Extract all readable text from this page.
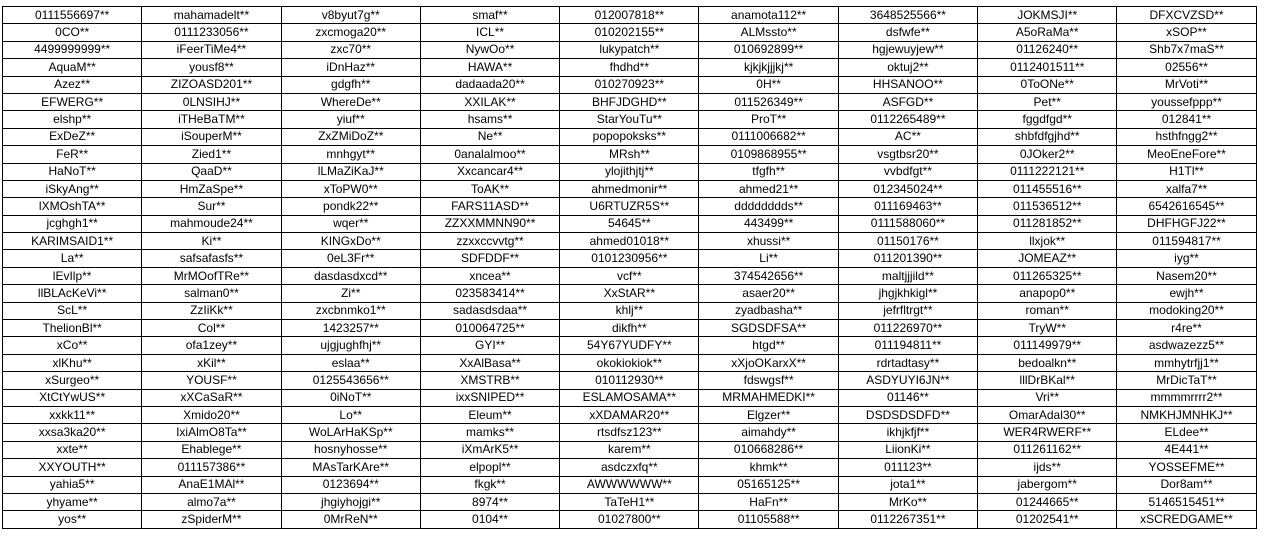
0111556697**	mahamadelt**	v8byut7g**	smaf**	012007818**	anamota112**	3648525566**	JOKMSJI**	DFXCVZSD**
0CO**	0111233056**	zxcmoga20**	ICL**	010202155**	ALMssto**	dsfwfe**	A5oRaMa**	xSOP**
4499999999**	iFeerTiMe4**	zxc70**	NywOo**	lukypatch**	010692899**	hgjewuyjew**	01126240**	Shb7x7maS**
AquaM**	yousf8**	iDnHaz**	HAWA**	fhdhd**	kjkjkjjjkj**	oktuj2**	0112401511**	02556**
Azez**	ZIZOASD201**	gdgfh**	dadaada20**	010270923**	0H**	HHSANOO**	0ToONe**	MrVoti**
EFWERG**	0LNSIHJ**	WhereDe**	XXILAK**	BHFJDGHD**	011526349**	ASFGD**	Pet**	youssefppp**
elshp**	iTHeBaTM**	yiuf**	hsams**	StarYouTu**	ProT**	0112265489**	fggdfgd**	012841**
ExDeZ**	iSouperM**	ZxZMiDoZ**	Ne**	popopoksks**	0111006682**	AC**	shbfdfgjhd**	hsthfngg2**
FeR**	Zied1**	mnhgyt**	0analalmoo**	MRsh**	0109868955**	vsgtbsr20**	0JOker2**	MeoEneFore**
HaNoT**	QaaD**	lLMaZiKaJ**	Xxcancar4**	ylojithjtj**	tfgfh**	vvbdfgt**	0111222121**	H1Tl**
iSkyAng**	HmZaSpe**	xToPW0**	ToAK**	ahmedmonir**	ahmed21**	012345024**	011455516**	xalfa7**
lXMOshTA**	Sur**	pondk22**	FARS11ASD**	U6RTUZR5S**	dddddddds**	011169463**	011536512**	6542616545**
jcghgh1**	mahmoude24**	wqer**	ZZXXMMNN90**	54645**	443499**	0111588060**	011281852**	DHFHGFJ22**
KARIMSAID1**	Ki**	KINGxDo**	zzxxccvvtg**	ahmed01018**	xhussi**	0115017​6**	llxjok**	011594817**
La**	safsafasfs**	0eL3Fr**	SDFDDF**	0101230956**	Li**	011201390**	JOMEAZ**	iyg**
lEvIlp**	MrMOofTRe**	dasdasdxcd**	xncea**	vcf**	374542656**	maltjjjild**	011265325**	Nasem20**
llBLAcKeVi**	salman0**	Zi**	023583414**	XxStAR**	asaer20**	jhgjkhkigl**	anapop0**	ewjh**
ScL**	ZzIiKk**	zxcbnmko1**	sadasdsdaa**	khlj**	zyadbasha**	jefrfltrgt**	roman**	modoking20**
ThelionBl**	Col**	1423257**	010064725**	dikfh**	SGDSDFSA**	011226970**	TryW**	r4re**
xCo**	ofa1zey**	ujgjughfhj**	GYI**	54Y67YUDFY**	htgd**	011194811**	011149979**	asdwazezz5**
xlKhu**	xKil**	eslaa**	XxAlBasa**	okokiokiok**	xXjoOKarxX**	rdrtadtasy**	bedoalkn**	mmhytrfjj1**
xSurgeo**	YOUSF**	0125543656**	XMSTRB**	010112930**	fdswgsf**	ASDYUYI6JN**	lllDrBKal**	MrDicTaT**
XtCtYwUS**	xXCaSaR**	0iNoT**	ixxSNIPED**	ESLAMOSAMA**	MRMAHMEDKI**	01146**	Vri**	mmmmrrrr2**
xxkk11**	Xmido20**	Lo**	Eleum**	xXDAMAR20**	Elgzer**	DSDSDSDFD**	OmarAdal30**	NMKHJMNHKJ**
xxsa3ka20**	IxiAlmO8Ta**	WoLArHaKSp**	mamks**	rtsdfsz123**	aimahdy**	ikhjkfjf**	WER4RWERF**	ELdee**
xxte**	Ehablege**	hosnyhosse**	iXmArK5**	karem**	010668286**	LiionKi**	011261162**	4E441**
XXYOUTH**	011157386**	MAsTarKAre**	elpopl**	asdczxfq**	khmk**	011123**	ijds**	YOSSEFME**
yahia5**	AnaE1MAl**	0123694**	fkgk**	AWWWWWW**	05165125**	jota1**	jabergom**	Dor8am**
yhyame**	almo7a**	jhgiyhojgi**	8974**	TaTeH1**	HaFn**	MrKo**	01244665**	5146515451**
yos**	zSpiderM**	0MrReN**	0104**	01027800**	01105588**	0112267351**	01202541**	xSCREDGAME**
